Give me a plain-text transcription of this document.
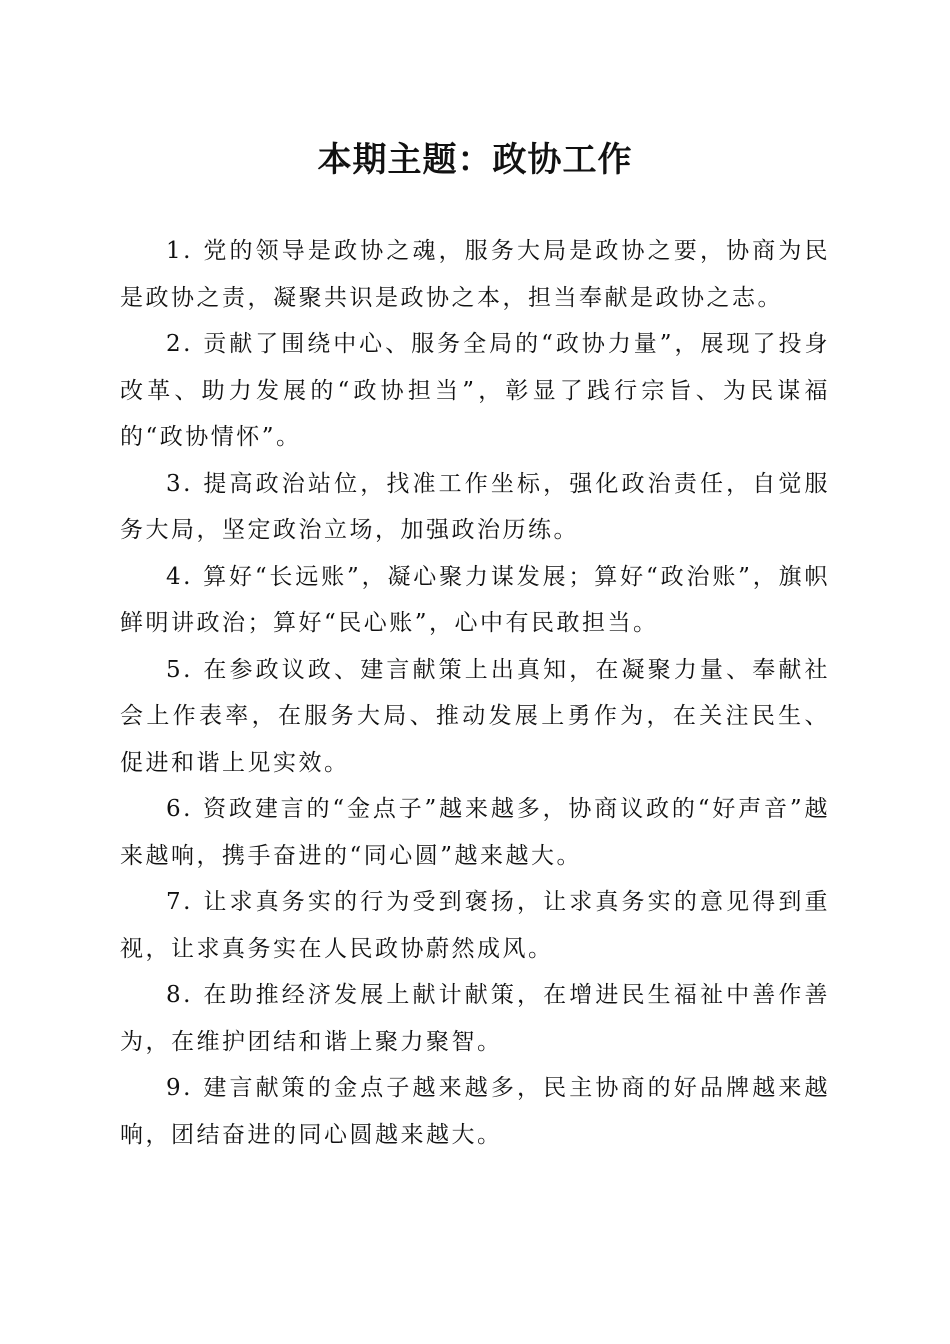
本期主题：政协工作

1. 党的领导是政协之魂，服务大局是政协之要，协商为民是政协之责，凝聚共识是政协之本，担当奉献是政协之志。

2. 贡献了围绕中心、服务全局的“政协力量”，展现了投身改革、助力发展的“政协担当”，彰显了践行宗旨、为民谋福的“政协情怀”。

3. 提高政治站位，找准工作坐标，强化政治责任，自觉服务大局，坚定政治立场，加强政治历练。

4. 算好“长远账”，凝心聚力谋发展；算好“政治账”，旗帜鲜明讲政治；算好“民心账”，心中有民敢担当。

5. 在参政议政、建言献策上出真知，在凝聚力量、奉献社会上作表率，在服务大局、推动发展上勇作为，在关注民生、促进和谐上见实效。

6. 资政建言的“金点子”越来越多，协商议政的“好声音”越来越响，携手奋进的“同心圆”越来越大。

7. 让求真务实的行为受到褒扬，让求真务实的意见得到重视，让求真务实在人民政协蔚然成风。

8. 在助推经济发展上献计献策，在增进民生福祉中善作善为，在维护团结和谐上聚力聚智。

9. 建言献策的金点子越来越多，民主协商的好品牌越来越响，团结奋进的同心圆越来越大。
